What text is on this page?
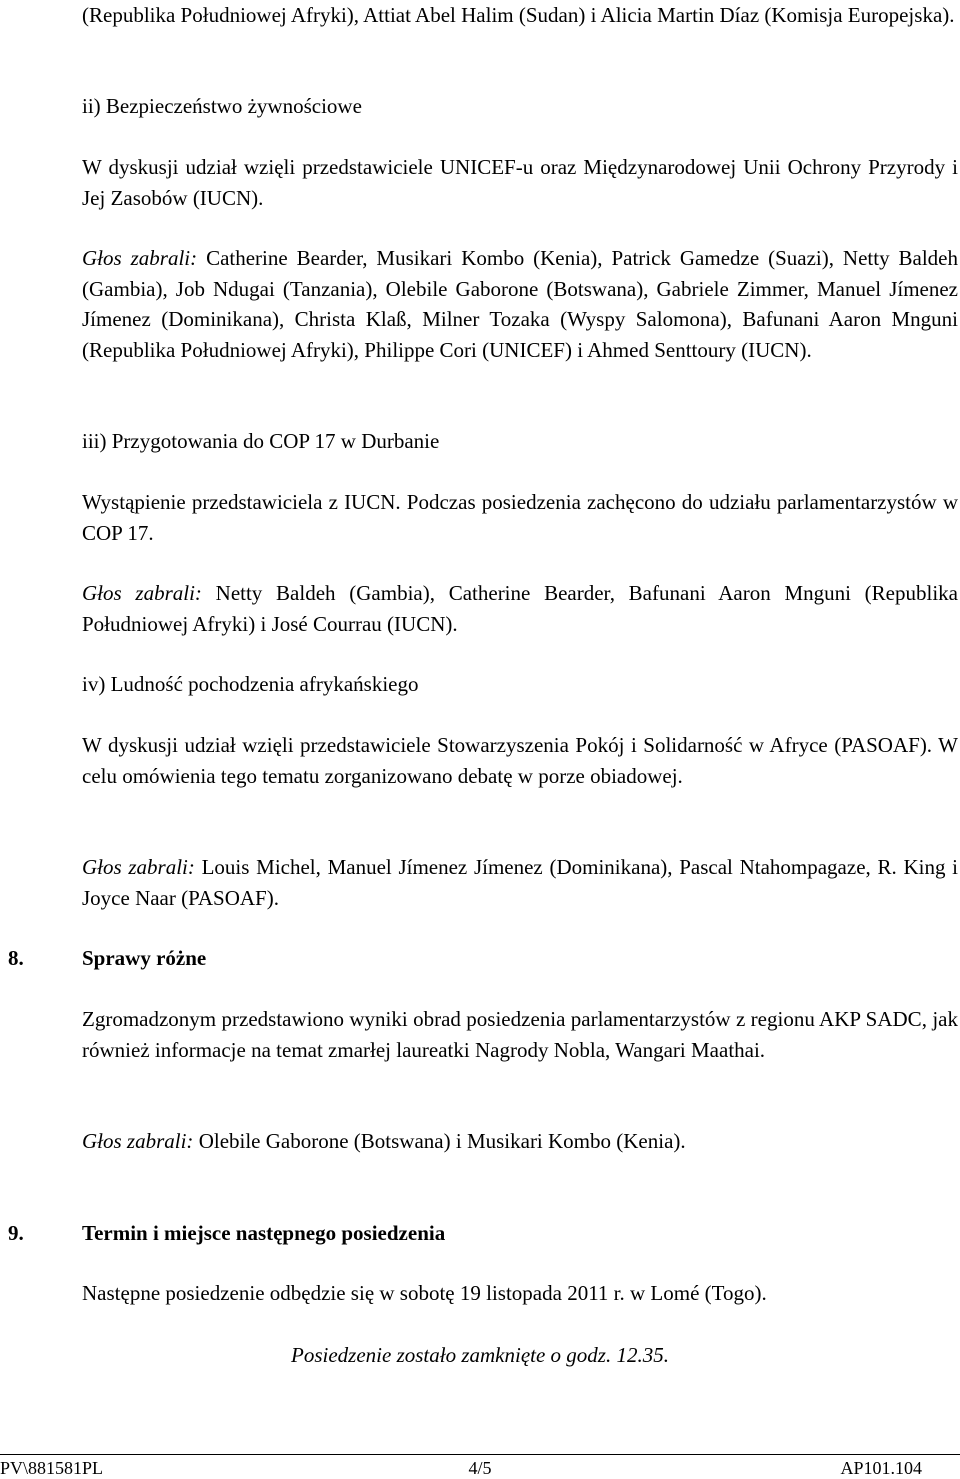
(Republika Południowej Afryki), Attiat Abel Halim (Sudan) i Alicia Martin Díaz (Komisja Europejska).

ii) Bezpieczeństwo żywnościowe

W dyskusji udział wzięli przedstawiciele UNICEF-u oraz Międzynarodowej Unii Ochrony Przyrody i Jej Zasobów (IUCN).

Głos zabrali: Catherine Bearder, Musikari Kombo (Kenia), Patrick Gamedze (Suazi), Netty Baldeh (Gambia), Job Ndugai (Tanzania), Olebile Gaborone (Botswana), Gabriele Zimmer, Manuel Jímenez Jímenez (Dominikana), Christa Klaß, Milner Tozaka (Wyspy Salomona), Bafunani Aaron Mnguni (Republika Południowej Afryki), Philippe Cori (UNICEF) i Ahmed Senttoury (IUCN).

iii) Przygotowania do COP 17 w Durbanie

Wystąpienie przedstawiciela z IUCN. Podczas posiedzenia zachęcono do udziału parlamentarzystów w COP 17.

Głos zabrali: Netty Baldeh (Gambia), Catherine Bearder, Bafunani Aaron Mnguni (Republika Południowej Afryki) i José Courrau (IUCN).

iv) Ludność pochodzenia afrykańskiego

W dyskusji udział wzięli przedstawiciele Stowarzyszenia Pokój i Solidarność w Afryce (PASOAF). W celu omówienia tego tematu zorganizowano debatę w porze obiadowej.

Głos zabrali: Louis Michel, Manuel Jímenez Jímenez (Dominikana), Pascal Ntahompagaze, R. King i Joyce Naar (PASOAF).

8.	Sprawy różne

Zgromadzonym przedstawiono wyniki obrad posiedzenia parlamentarzystów z regionu AKP SADC, jak również informacje na temat zmarłej laureatki Nagrody Nobla, Wangari Maathai.

Głos zabrali: Olebile Gaborone (Botswana) i Musikari Kombo (Kenia).

9.	Termin i miejsce następnego posiedzenia

Następne posiedzenie odbędzie się w sobotę 19 listopada 2011 r. w Lomé (Togo).

Posiedzenie zostało zamknięte o godz. 12.35.
PV\881581PL	4/5	AP101.104
